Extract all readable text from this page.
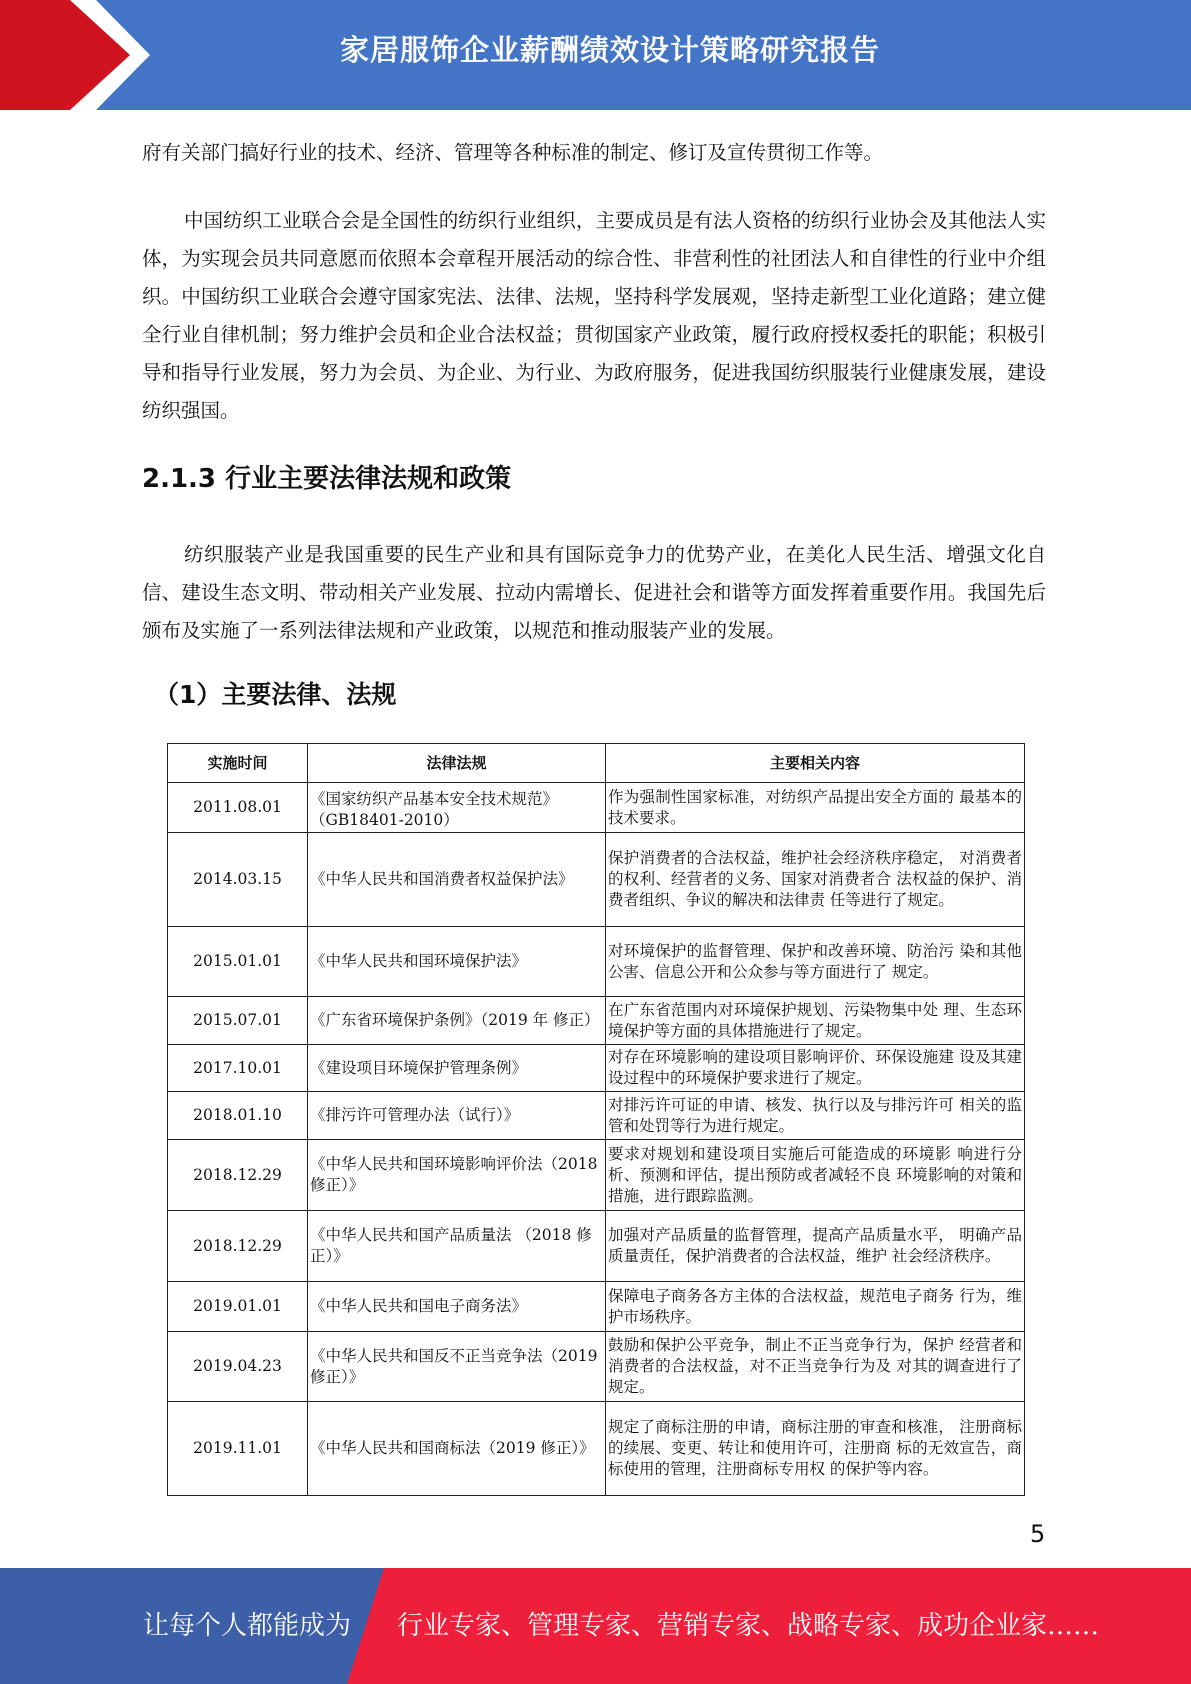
家居服饰企业薪酬绩效设计策略研究报告
府有关部门搞好行业的技术、经济、管理等各种标准的制定、修订及宣传贯彻工作等。
中国纺织工业联合会是全国性的纺织行业组织，主要成员是有法人资格的纺织行业协会及其他法人实体，为实现会员共同意愿而依照本会章程开展活动的综合性、非营利性的社团法人和自律性的行业中介组织。中国纺织工业联合会遵守国家宪法、法律、法规，坚持科学发展观，坚持走新型工业化道路；建立健全行业自律机制；努力维护会员和企业合法权益；贯彻国家产业政策，履行政府授权委托的职能；积极引导和指导行业发展，努力为会员、为企业、为行业、为政府服务，促进我国纺织服装行业健康发展，建设纺织强国。
2.1.3 行业主要法律法规和政策
纺织服装产业是我国重要的民生产业和具有国际竞争力的优势产业，在美化人民生活、增强文化自信、建设生态文明、带动相关产业发展、拉动内需增长、促进社会和谐等方面发挥着重要作用。我国先后颁布及实施了一系列法律法规和产业政策，以规范和推动服装产业的发展。
（1）主要法律、法规
实施时间	法律法规	主要相关内容
2011.08.01	《国家纺织产品基本安全技术规范》（GB18401-2010）	作为强制性国家标准，对纺织产品提出安全方面的 最基本的技术要求。
2014.03.15	《中华人民共和国消费者权益保护法》	保护消费者的合法权益，维护社会经济秩序稳定， 对消费者的权利、经营者的义务、国家对消费者合 法权益的保护、消费者组织、争议的解决和法律责 任等进行了规定。
2015.01.01	《中华人民共和国环境保护法》	对环境保护的监督管理、保护和改善环境、防治污 染和其他公害、信息公开和公众参与等方面进行了 规定。
2015.07.01	《广东省环境保护条例》（2019 年 修正）	在广东省范围内对环境保护规划、污染物集中处 理、生态环境保护等方面的具体措施进行了规定。
2017.10.01	《建设项目环境保护管理条例》	对存在环境影响的建设项目影响评价、环保设施建 设及其建设过程中的环境保护要求进行了规定。
2018.01.10	《排污许可管理办法（试行）》	对排污许可证的申请、核发、执行以及与排污许可 相关的监管和处罚等行为进行规定。
2018.12.29	《中华人民共和国环境影响评价法（2018 修正）》	要求对规划和建设项目实施后可能造成的环境影 响进行分析、预测和评估，提出预防或者减轻不良 环境影响的对策和措施，进行跟踪监测。
2018.12.29	《中华人民共和国产品质量法 （2018 修正）》	加强对产品质量的监督管理，提高产品质量水平， 明确产品质量责任，保护消费者的合法权益，维护 社会经济秩序。
2019.01.01	《中华人民共和国电子商务法》	保障电子商务各方主体的合法权益，规范电子商务 行为，维护市场秩序。
2019.04.23	《中华人民共和国反不正当竞争法（2019 修正）》	鼓励和保护公平竞争，制止不正当竞争行为，保护 经营者和消费者的合法权益，对不正当竞争行为及 对其的调查进行了规定。
2019.11.01	《中华人民共和国商标法（2019 修正）》	规定了商标注册的申请，商标注册的审查和核准， 注册商标的续展、变更、转让和使用许可，注册商 标的无效宣告，商标使用的管理，注册商标专用权 的保护等内容。
5
让每个人都能成为 行业专家、管理专家、营销专家、战略专家、成功企业家……
